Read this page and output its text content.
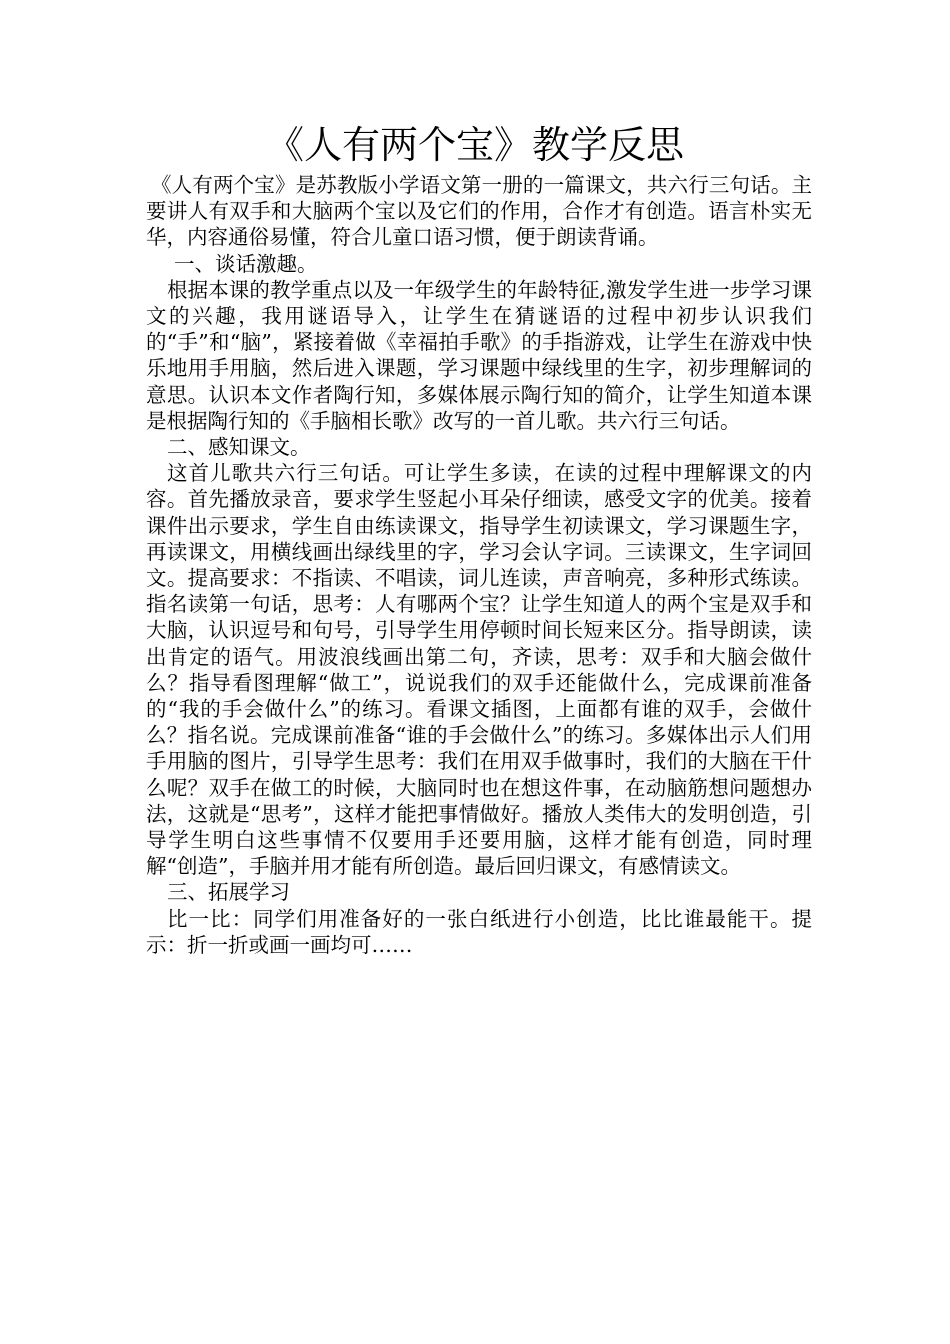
《人有两个宝》教学反思

《人有两个宝》是苏教版小学语文第一册的一篇课文，共六行三句话。主要讲人有双手和大脑两个宝以及它们的作用，合作才有创造。语言朴实无华，内容通俗易懂，符合儿童口语习惯，便于朗读背诵。

一、谈话激趣。

根据本课的教学重点以及一年级学生的年龄特征,激发学生进一步学习课文的兴趣，我用谜语导入，让学生在猜谜语的过程中初步认识我们的“手”和“脑”，紧接着做《幸福拍手歌》的手指游戏，让学生在游戏中快乐地用手用脑，然后进入课题，学习课题中绿线里的生字，初步理解词的意思。认识本文作者陶行知，多媒体展示陶行知的简介，让学生知道本课是根据陶行知的《手脑相长歌》改写的一首儿歌。共六行三句话。

二、感知课文。

这首儿歌共六行三句话。可让学生多读，在读的过程中理解课文的内容。首先播放录音，要求学生竖起小耳朵仔细读，感受文字的优美。接着课件出示要求，学生自由练读课文，指导学生初读课文，学习课题生字，再读课文，用横线画出绿线里的字，学习会认字词。三读课文，生字词回文。提高要求：不指读、不唱读，词儿连读，声音响亮，多种形式练读。指名读第一句话，思考：人有哪两个宝？让学生知道人的两个宝是双手和大脑，认识逗号和句号，引导学生用停顿时间长短来区分。指导朗读，读出肯定的语气。用波浪线画出第二句，齐读，思考：双手和大脑会做什么？指导看图理解“做工”，说说我们的双手还能做什么，完成课前准备的“我的手会做什么”的练习。看课文插图，上面都有谁的双手，会做什么？指名说。完成课前准备“谁的手会做什么”的练习。多媒体出示人们用手用脑的图片，引导学生思考：我们在用双手做事时，我们的大脑在干什么呢？双手在做工的时候，大脑同时也在想这件事，在动脑筋想问题想办法，这就是“思考”，这样才能把事情做好。播放人类伟大的发明创造，引导学生明白这些事情不仅要用手还要用脑，这样才能有创造，同时理解“创造”，手脑并用才能有所创造。最后回归课文，有感情读文。

三、拓展学习

比一比：同学们用准备好的一张白纸进行小创造，比比谁最能干。提示：折一折或画一画均可……
